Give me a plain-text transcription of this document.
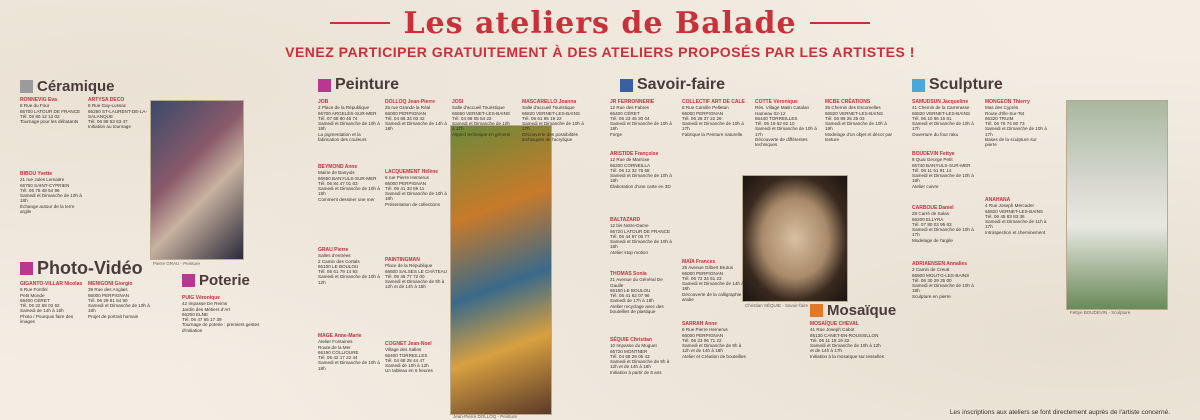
Les ateliers de Balade
VENEZ PARTICIPER GRATUITEMENT À DES ATELIERS PROPOSÉS PAR LES ARTISTES !
Céramique
Photo-Vidéo
Peinture
Poterie
Savoir-faire
Mosaïque
Sculpture
Pierre GRAU - Peinture
Jean-Pierre DOLLOQ - Peinture
Christian SÉQUIE - Savoir-faire
Fettye BOUDEVIN - Sculpture
RONNEVIG Eva
8 Rue du Four
66700 LATOUR DE FRANCE
Tél. 06 80 12 13 02
Tournage pour les débutants
ARTYSA DECO
8 Rue Gay-Lussac
66250 ST-LAURENT-DE-LA-SALANQUE
Tél. 06 89 53 63 47
Initiation au tournage
BIBOU Yvette
21 rue Jules Lemaitre
66750 SAINT-CYPRIEN
Tél. 06 75 48 54 96
Samedi et Dimanche de 10h à 18h
Échange autour de la terre argile
GIGANTO-VILLAR Nicolas
8 Rue Fontfel
Petit Monde
66400 CÉRET
Tél. 06 22 68 02 62
Samedi de 14h à 16h
Photo / Pourquoi faire des images
MENIGONI Giorgio
39 Rue des Anglais
66000 PERPIGNAN
Tél. 06 29 81 64 90
Samedi et Dimanche de 10h à 18h
Projet de portrait humain
PUIG Véronique
42 Impasse De Reims
Jardin des Métiers d'Art
66200 ELNE
Tél. 06 47 65 17 39
Tournage de poterie : premiers gestes d'initiation
JOB
2 Place de la République
66700 ARGELÈS-SUR-MER
Tél. 07 68 80 45 74
Samedi et Dimanche de 10h à 18h
La pigmentation et la fabrication des couleurs
BEYMOND Anne
Mairie de Banyuls
66650 BANYULS-SUR-MER
Tél. 06 84 47 01 63
Samedi et Dimanche de 10h à 18h
Comment dessiner une mer
GRAU Pierre
Salles d'entrées
2 Camin des Cortals
66100 LE BOULOU
Tél. 06 61 79 14 93
Samedi et Dimanche de 10h à 12h
MAGE Anne-Marie
Atelier Fontaines
Route de la Mer
66190 COLLIOURE
Tél. 06 42 17 22 44
Samedi et Dimanche de 10h à 18h
DOLLOQ Jean-Pierre
25 rue Grande la Réal
66000 PERPIGNAN
Tél. 04 68 34 03 42
Samedi et Dimanche de 14h à 18h
LACQUEMENT Hélène
6 rue Pierre Hemerus
66000 PERPIGNAN
Tél. 06 41 33 59 11
Samedi et Dimanche de 10h à 18h
Présentation de collections
PAINTINGMAN
Place de la République
66600 SALSES LE CHÂTEAU
Tél. 06 46 77 72 00
Samedi et Dimanche de 9h à 12h et de 14h à 18h
COGNET Jean-Noel
Village des Salles
66400 TORREILLES
Tél. 04 68 28 44 47
Samedi de 10h à 12h
Un tableau en 6 heures
JOSI
Salle d'accueil Touristique
66650 VERNET-LES-BAINS
Tél. 04 68 05 54 22
Samedi et Dimanche de 10h à 17h
Aspect technique en général
MASCARELLO Joanna
Salle d'accueil Touristique
66820 VERNET-LES-BAINS
Tél. 06 61 95 19 22
Samedi et Dimanche de 10h à 17h
Découverte des possibilités techniques de l'acrylique
JR FERRONNERIE
12 Rue des Fabres
66400 CÉRET
Tél. 06 23 45 30 04
Samedi et Dimanche de 10h à 18h
Forge
ARISTIDE Françoise
12 Rue de Marroxe
66200 CORNEILLA
Tél. 06 12 32 75 68
Samedi et Dimanche de 10h à 18h
Élaboration d'une carte en 3D
BALTAZARD
12 bis Notre-Dame
66720 LATOUR DE FRANCE
Tél. 06 44 87 06 77
Samedi et Dimanche de 10h à 18h
Atelier stop motion
THOMAS Sonia
21 Avenue du Général De Gaulle
66160 LE BOULOU
Tél. 06 41 62 07 96
Samedi de 17h à 18h
Atelier recyclage avec des bouteilles de plastique
SÉQUIE Christian
10 Impasse du Muguet
66720 MONTNER
Tél. 04 68 29 05 43
Samedi et Dimanche de 9h à 12h et de 14h à 18h
Initiation à partir de 8 ans
COLLECTIF ART DE CALE
8 Rue Camille Pelletan
66000 PERPIGNAN
Tél. 06 26 37 22 26
Samedi et Dimanche de 10h à 17h
Fabrique la Peinture naturelle
MAÏA Frances
25 Avenue Gilbert Brutus
66000 PERPIGNAN
Tél. 06 72 34 51 23
Samedi et Dimanche de 14h à 18h
Découverte de la calligraphie arabe
SARRAH Anne
6 Rue Pierre Hemerus
66000 PERPIGNAN
Tél. 06 23 06 71 22
Samedi et Dimanche de 9h à 12h et de 14h à 18h
Atelier et Création de bouteilles
COTTE Véronique
Rés. Village Matin Catalan
Hameau 02-12
66440 TORREILLES
Tél. 06 19 52 62 10
Samedi et Dimanche de 10h à 17h
Découverte de différentes techniques
MCBE CRÉATIONS
35 Chemin des Escomelles
66820 VERNET-LES-BAINS
Tél. 06 89 25 25 03
Samedi et Dimanche de 10h à 19h
Modelage d'un objet et décor par texture
MOSAÏQUE CHEVAL
41 Rue Joseph Cabot
66130 CANET-EN-ROUSSILLON
Tél. 06 11 18 19 32
Samedi et Dimanche de 10h à 12h et de 14h à 17h
Initiation à la mosaïque sur tesselles
SAMUDSUN Jacqueline
41 Chemin de la Carrerasse
66820 VERNET-LES-BAINS
Tél. 06 10 66 15 61
Samedi et Dimanche de 10h à 17h
Ouverture du four raku
BOUDEVIN Fettye
8 Quai George Petit
66740 BANYULS-SUR-MER
Tél. 06 11 51 91 14
Samedi et Dimanche de 10h à 18h
Atelier cuivre
CARBOUE Daniel
28 Carré de Salas
66200 ELLYRA
Tél. 07 80 03 95 63
Samedi et Dimanche de 10h à 17h
Modelage de l'argile
ADRIAENSEN Annalies
2 Camin de Creu6
66500 MOLITG-LES-BAINS
Tél. 06 30 29 35 00
Samedi et Dimanche de 10h à 18h
Sculpture en pierre
MONGEON Thierry
Mas des Cyprès
Route d'Ille-Sur-Tet
66320 TRUIM
Tél. 06 76 74 80 73
Samedi et Dimanche de 10h à 17h
Bases de la sculpture sur pierre
ANAHANA
4 Rue Joseph Mercader
66820 VERNET-LES-BAINS
Tél. 06 45 83 83 36
Samedi et Dimanche de 11h à 17h
Introspection et cheminement
Les inscriptions aux ateliers se font directement auprès de l'artiste concerné.
